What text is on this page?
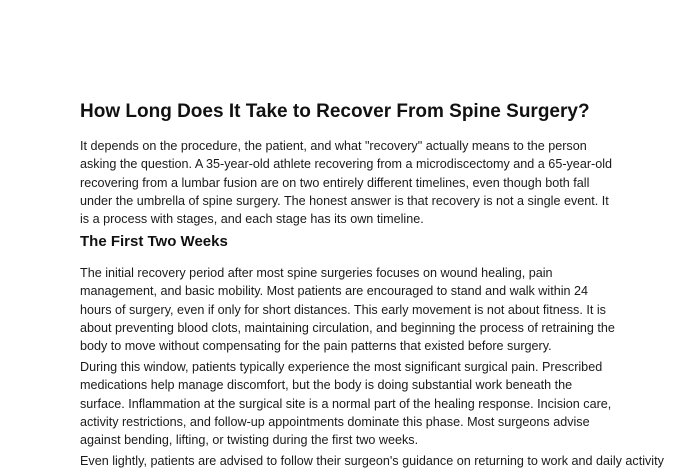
How Long Does It Take to Recover From Spine Surgery?
It depends on the procedure, the patient, and what "recovery" actually means to the person
asking the question. A 35-year-old athlete recovering from a microdiscectomy and a 65-year-old
recovering from a lumbar fusion are on two entirely different timelines, even though both fall
under the umbrella of spine surgery. The honest answer is that recovery is not a single event. It
is a process with stages, and each stage has its own timeline.
The First Two Weeks
The initial recovery period after most spine surgeries focuses on wound healing, pain
management, and basic mobility. Most patients are encouraged to stand and walk within 24
hours of surgery, even if only for short distances. This early movement is not about fitness. It is
about preventing blood clots, maintaining circulation, and beginning the process of retraining the
body to move without compensating for the pain patterns that existed before surgery.
During this window, patients typically experience the most significant surgical pain. Prescribed
medications help manage discomfort, but the body is doing substantial work beneath the
surface. Inflammation at the surgical site is a normal part of the healing response. Incision care,
activity restrictions, and follow-up appointments dominate this phase. Most surgeons advise
against bending, lifting, or twisting during the first two weeks.
Even lightly, patients are advised to follow their surgeon's guidance on returning to work and daily activity
